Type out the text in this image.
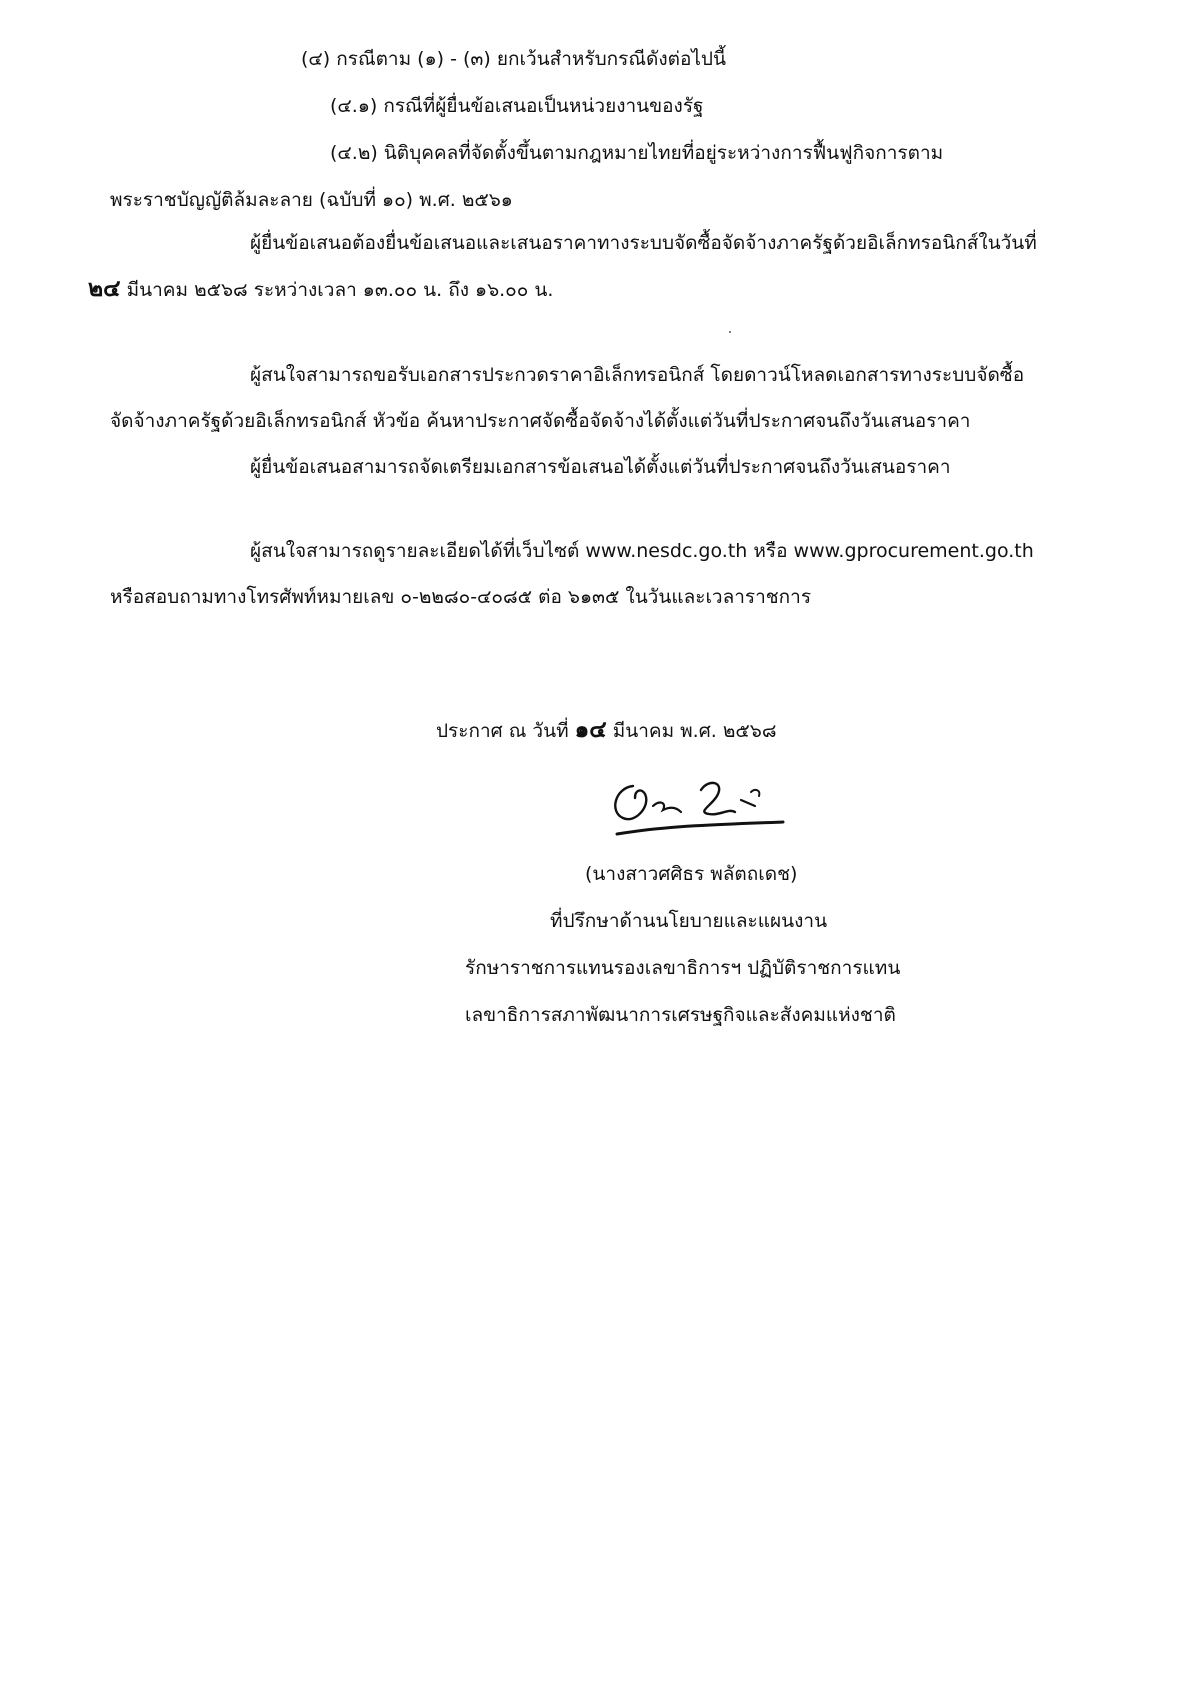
(๔) กรณีตาม (๑) - (๓) ยกเว้นสำหรับกรณีดังต่อไปนี้
(๔.๑) กรณีที่ผู้ยื่นข้อเสนอเป็นหน่วยงานของรัฐ
(๔.๒) นิติบุคคลที่จัดตั้งขึ้นตามกฎหมายไทยที่อยู่ระหว่างการฟื้นฟูกิจการตาม
พระราชบัญญัติล้มละลาย (ฉบับที่ ๑๐) พ.ศ. ๒๕๖๑
ผู้ยื่นข้อเสนอต้องยื่นข้อเสนอและเสนอราคาทางระบบจัดซื้อจัดจ้างภาครัฐด้วยอิเล็กทรอนิกส์ในวันที่
๒๔ มีนาคม ๒๕๖๘ ระหว่างเวลา ๑๓.๐๐ น. ถึง ๑๖.๐๐ น.
ผู้สนใจสามารถขอรับเอกสารประกวดราคาอิเล็กทรอนิกส์ โดยดาวน์โหลดเอกสารทางระบบจัดซื้อ
จัดจ้างภาครัฐด้วยอิเล็กทรอนิกส์ หัวข้อ ค้นหาประกาศจัดซื้อจัดจ้างได้ตั้งแต่วันที่ประกาศจนถึงวันเสนอราคา
ผู้ยื่นข้อเสนอสามารถจัดเตรียมเอกสารข้อเสนอได้ตั้งแต่วันที่ประกาศจนถึงวันเสนอราคา
ผู้สนใจสามารถดูรายละเอียดได้ที่เว็บไซต์ www.nesdc.go.th หรือ www.gprocurement.go.th
หรือสอบถามทางโทรศัพท์หมายเลข ๐-๒๒๘๐-๔๐๘๕ ต่อ ๖๑๓๕ ในวันและเวลาราชการ
ประกาศ ณ วันที่ ๑๔ มีนาคม พ.ศ. ๒๕๖๘
(นางสาวศศิธร พลัตถเดช)
ที่ปรึกษาด้านนโยบายและแผนงาน
รักษาราชการแทนรองเลขาธิการฯ ปฏิบัติราชการแทน
เลขาธิการสภาพัฒนาการเศรษฐกิจและสังคมแห่งชาติ
